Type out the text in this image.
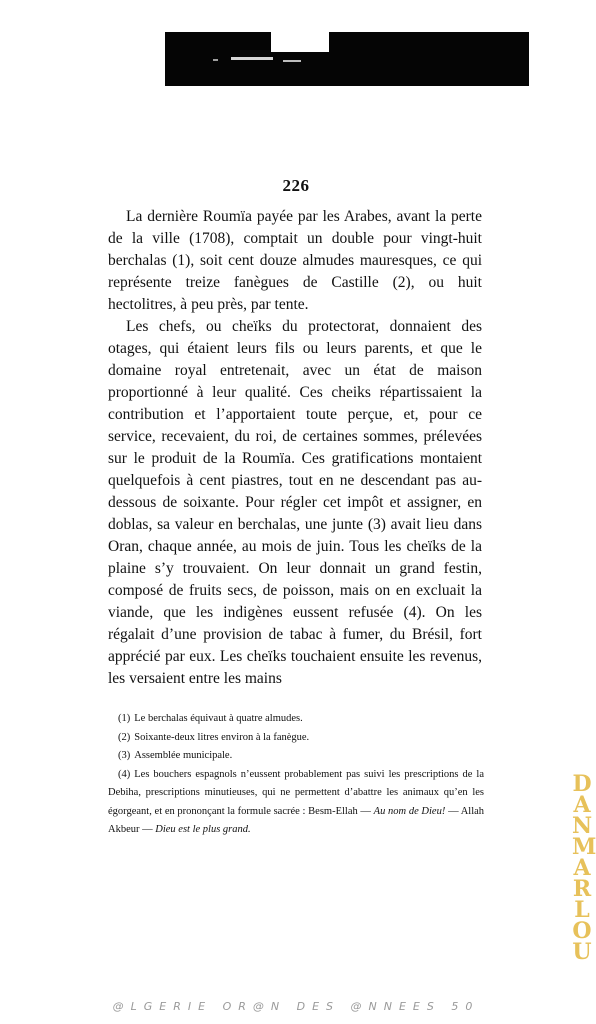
226

La dernière Roumïa payée par les Arabes, avant la perte de la ville (1708), comptait un double pour vingt-huit berchalas (1), soit cent douze almudes mauresques, ce qui représente treize fanègues de Castille (2), ou huit hectolitres, à peu près, par tente.

Les chefs, ou cheïks du protectorat, donnaient des otages, qui étaient leurs fils ou leurs parents, et que le domaine royal entretenait, avec un état de maison proportionné à leur qualité. Ces cheiks répartissaient la contribution et l’apportaient toute perçue, et, pour ce service, recevaient, du roi, de certaines sommes, prélevées sur le produit de la Roumïa. Ces gratifications montaient quelquefois à cent piastres, tout en ne descendant pas au-dessous de soixante. Pour régler cet impôt et assigner, en doblas, sa valeur en berchalas, une junte (3) avait lieu dans Oran, chaque année, au mois de juin. Tous les cheïks de la plaine s’y trouvaient. On leur donnait un grand festin, composé de fruits secs, de poisson, mais on en excluait la viande, que les indigènes eussent refusée (4). On les régalait d’une provision de tabac à fumer, du Brésil, fort apprécié par eux. Les cheïks touchaient ensuite les revenus, les versaient entre les mains

(1) Le berchalas équivaut à quatre almudes.

(2) Soixante-deux litres environ à la fanègue.

(3) Assemblée municipale.

(4) Les bouchers espagnols n’eussent probablement pas suivi les prescriptions de la Debiha, prescriptions minutieuses, qui ne permettent d’abattre les animaux qu’en les égorgeant, et en prononçant la formule sacrée : Besm-Ellah — Au nom de Dieu! — Allah Akbeur — Dieu est le plus grand.

D
A
N
M
A
R
L
O
U
@LGERIE OR@N DES @NNEES 50
